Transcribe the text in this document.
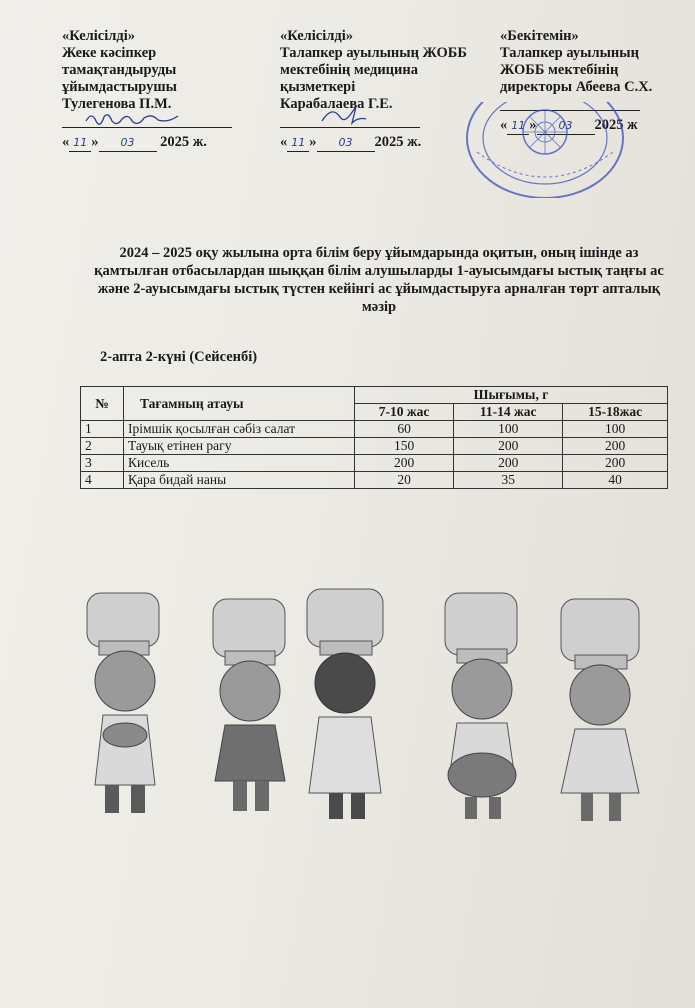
«Келісілді»
Жеке кәсіпкер
тамақтандыруды
ұйымдастырушы
Тулегенова П.М.
« 11 » 03 2025 ж.
«Келісілді»
Талапкер ауылының ЖОББ
мектебінің медицина
қызметкері
Карабалаева Г.Е.
« 11 » 03 2025 ж.
«Бекітемін»
Талапкер ауылының
ЖОББ мектебінің
директоры Абеева С.Х.
« 11 » 03 2025 ж
2024 – 2025 оқу жылына орта білім беру ұйымдарында оқитын, оның ішінде аз қамтылған отбасылардан шыққан білім алушыларды 1-ауысымдағы ыстық таңғы ас және 2-ауысымдағы ыстық түстен кейінгі ас ұйымдастыруға арналған төрт апталық мәзір
2-апта 2-күні (Сейсенбі)
№	Тағамның атауы	Шығымы, г		
		7-10 жас	11-14 жас	15-18жас
1	Ірімшік қосылған сәбіз салат	60	100	100
2	Тауық етінен рагу	150	200	200
3	Кисель	200	200	200
4	Қара бидай наны	20	35	40
